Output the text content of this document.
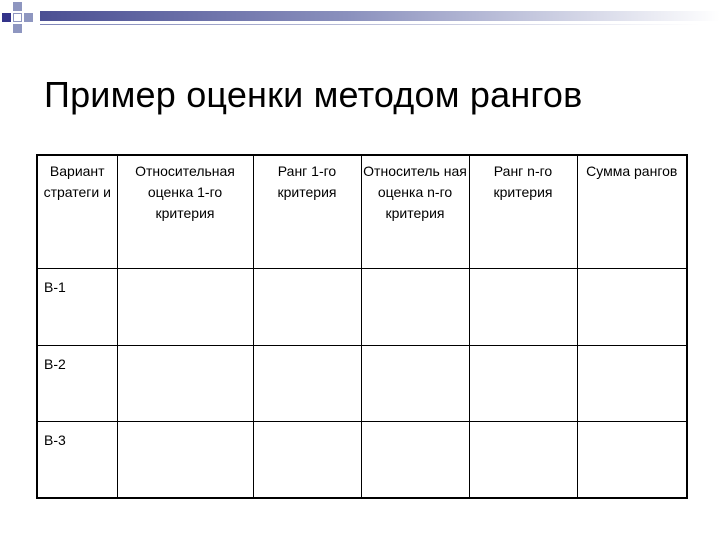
Пример оценки методом рангов
Вариант стратеги и	Относительная оценка 1-го критерия	Ранг 1-го критерия	Относитель ная оценка n-го критерия	Ранг n-го критерия	Сумма рангов
В-1					
В-2					
В-3					
